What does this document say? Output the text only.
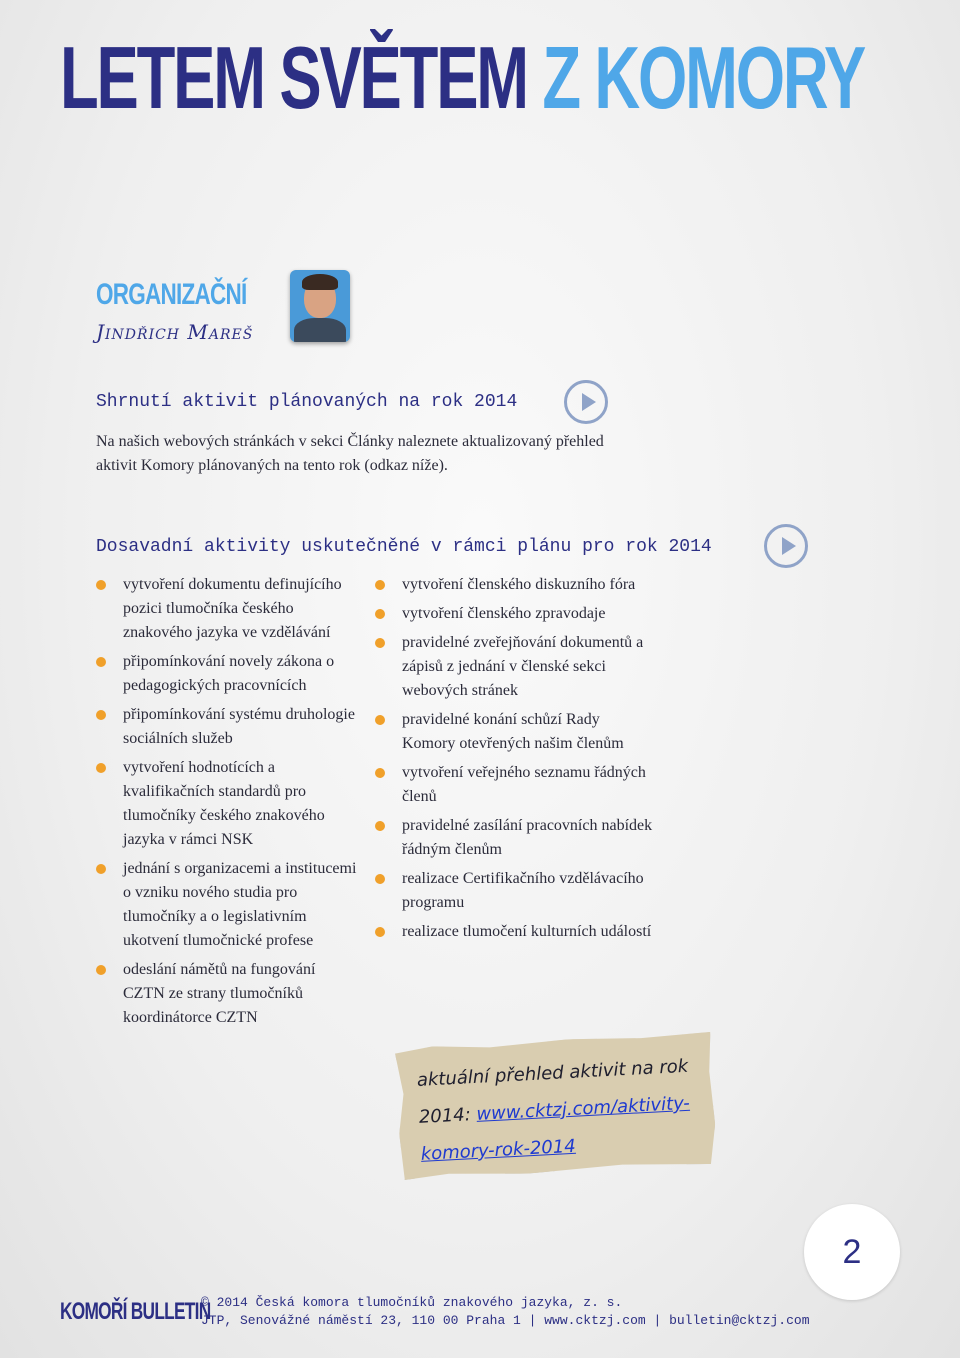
LETEM SVĚTEM Z KOMORY
ORGANIZAČNÍ
Jindřich Mareš
Shrnutí aktivit plánovaných na rok 2014
Na našich webových stránkách v sekci Články naleznete aktualizovaný přehled aktivit Komory plánovaných na tento rok (odkaz níže).
Dosavadní aktivity uskutečněné v rámci plánu pro rok 2014
vytvoření dokumentu definujícího pozici tlumočníka českého znakového jazyka ve vzdělávání
připomínkování novely zákona o pedagogických pracovnících
připomínkování systému druhologie sociálních služeb
vytvoření hodnotících a kvalifikačních standardů pro tlumočníky českého znakového jazyka v rámci NSK
jednání s organizacemi a institucemi o vzniku nového studia pro tlumočníky a o legislativním ukotvení tlumočnické profese
odeslání námětů na fungování CZTN ze strany tlumočníků koordinátorce CZTN
vytvoření členského diskuzního fóra
vytvoření členského zpravodaje
pravidelné zveřejňování dokumentů a zápisů z jednání v členské sekci webových stránek
pravidelné konání schůzí Rady Komory otevřených našim členům
vytvoření veřejného seznamu řádných členů
pravidelné zasílání pracovních nabídek řádným členům
realizace Certifikačního vzdělávacího programu
realizace tlumočení kulturních událostí
aktuální přehled aktivit na rok 2014: www.cktzj.com/aktivity-komory-rok-2014
2
KOMOŘÍ BULLETIN
© 2014 Česká komora tlumočníků znakového jazyka, z. s.
JTP, Senovážné náměstí 23, 110 00 Praha 1 | www.cktzj.com | bulletin@cktzj.com
